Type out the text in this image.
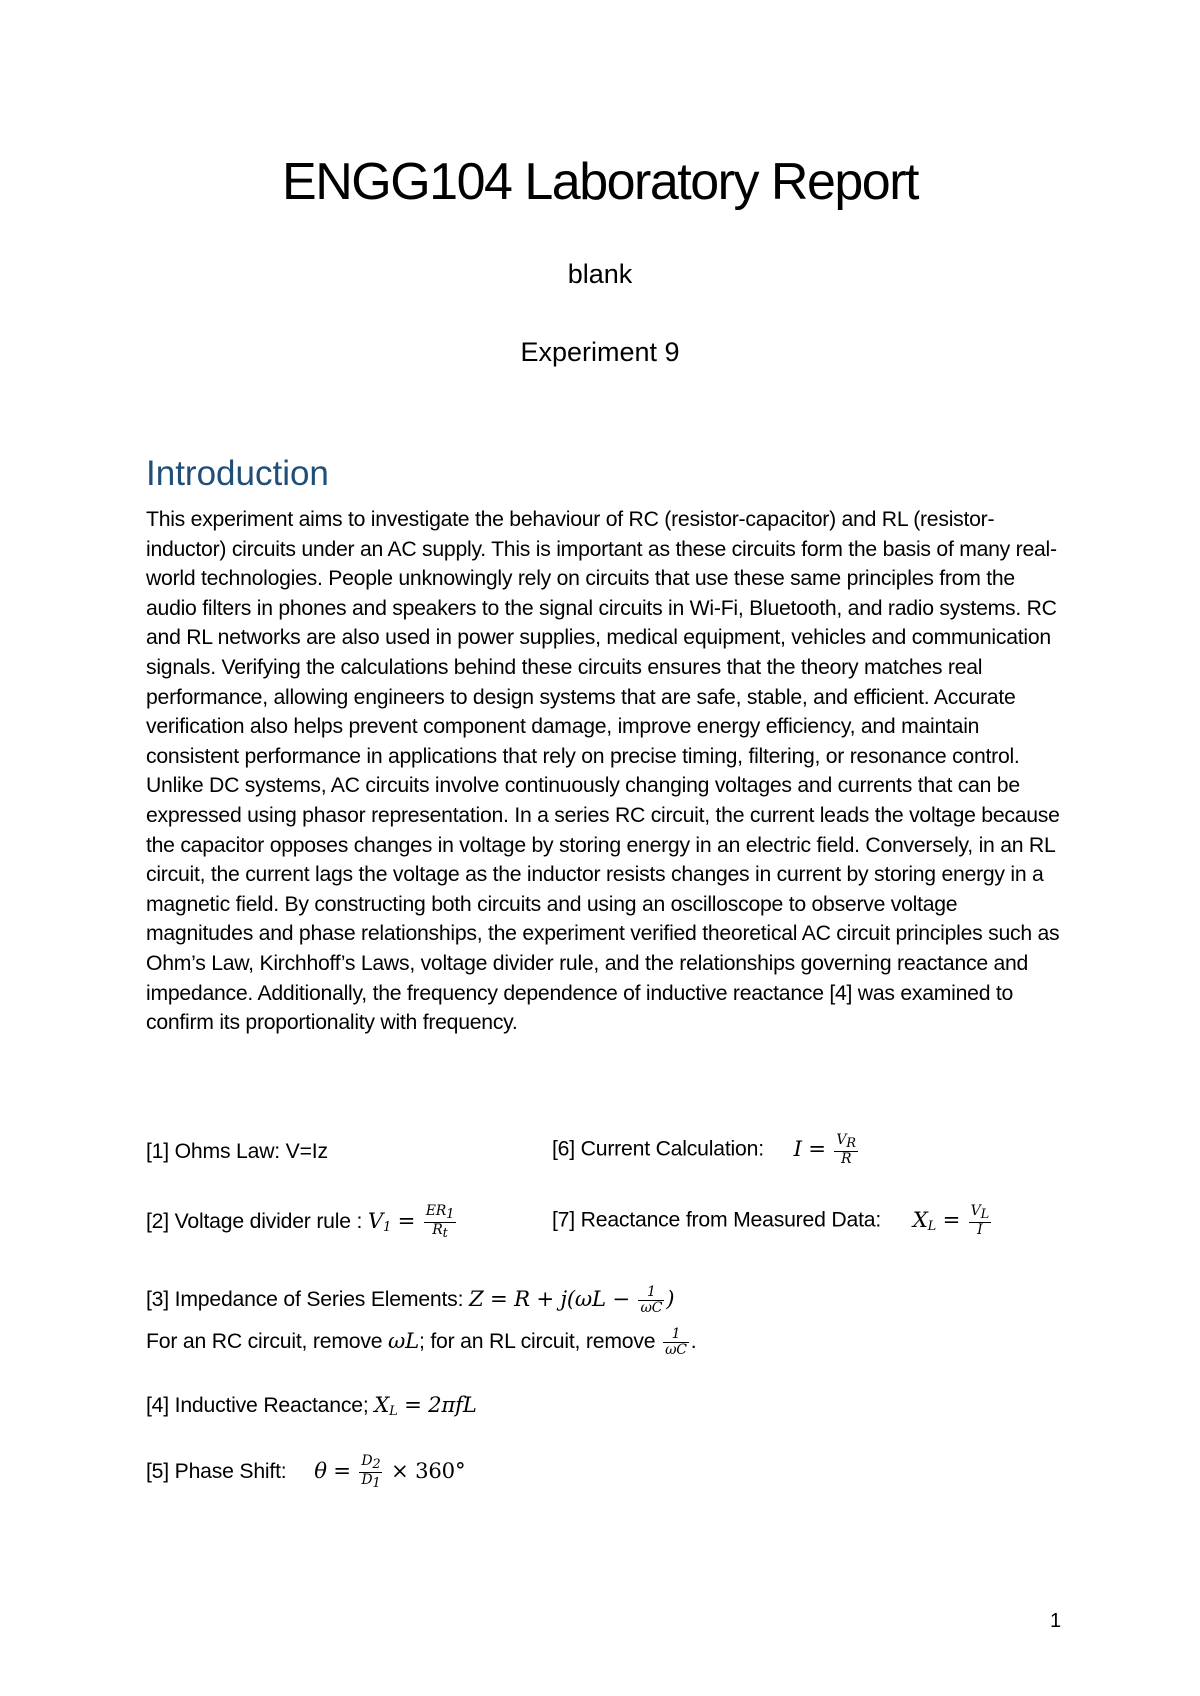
ENGG104 Laboratory Report
blank
Experiment 9
Introduction
This experiment aims to investigate the behaviour of RC (resistor-capacitor) and RL (resistor-inductor) circuits under an AC supply. This is important as these circuits form the basis of many real-world technologies. People unknowingly rely on circuits that use these same principles from the audio filters in phones and speakers to the signal circuits in Wi-Fi, Bluetooth, and radio systems. RC and RL networks are also used in power supplies, medical equipment, vehicles and communication signals. Verifying the calculations behind these circuits ensures that the theory matches real performance, allowing engineers to design systems that are safe, stable, and efficient. Accurate verification also helps prevent component damage, improve energy efficiency, and maintain consistent performance in applications that rely on precise timing, filtering, or resonance control. Unlike DC systems, AC circuits involve continuously changing voltages and currents that can be expressed using phasor representation. In a series RC circuit, the current leads the voltage because the capacitor opposes changes in voltage by storing energy in an electric field. Conversely, in an RL circuit, the current lags the voltage as the inductor resists changes in current by storing energy in a magnetic field. By constructing both circuits and using an oscilloscope to observe voltage magnitudes and phase relationships, the experiment verified theoretical AC circuit principles such as Ohm’s Law, Kirchhoff’s Laws, voltage divider rule, and the relationships governing reactance and impedance. Additionally, the frequency dependence of inductive reactance [4] was examined to confirm its proportionality with frequency.
[1] Ohms Law: V=Iz	[6] Current Calculation: $I = \frac{V_R}{R}$
[2] Voltage divider rule : $V_1 = \frac{ER_1}{R_t}$	[7] Reactance from Measured Data: $X_L = \frac{V_L}{I}$
[3] Impedance of Series Elements: $Z = R + j(\omega L - \frac{1}{\omega C}$ )
For an RC circuit, remove ωL; for an RL circuit, remove $\frac{1}{\omega C}$ .
[4] Inductive Reactance; $X_L = 2\pi fL$
[5] Phase Shift: $\theta = \frac{D_2}{D_1} \times 360^\circ$
1
